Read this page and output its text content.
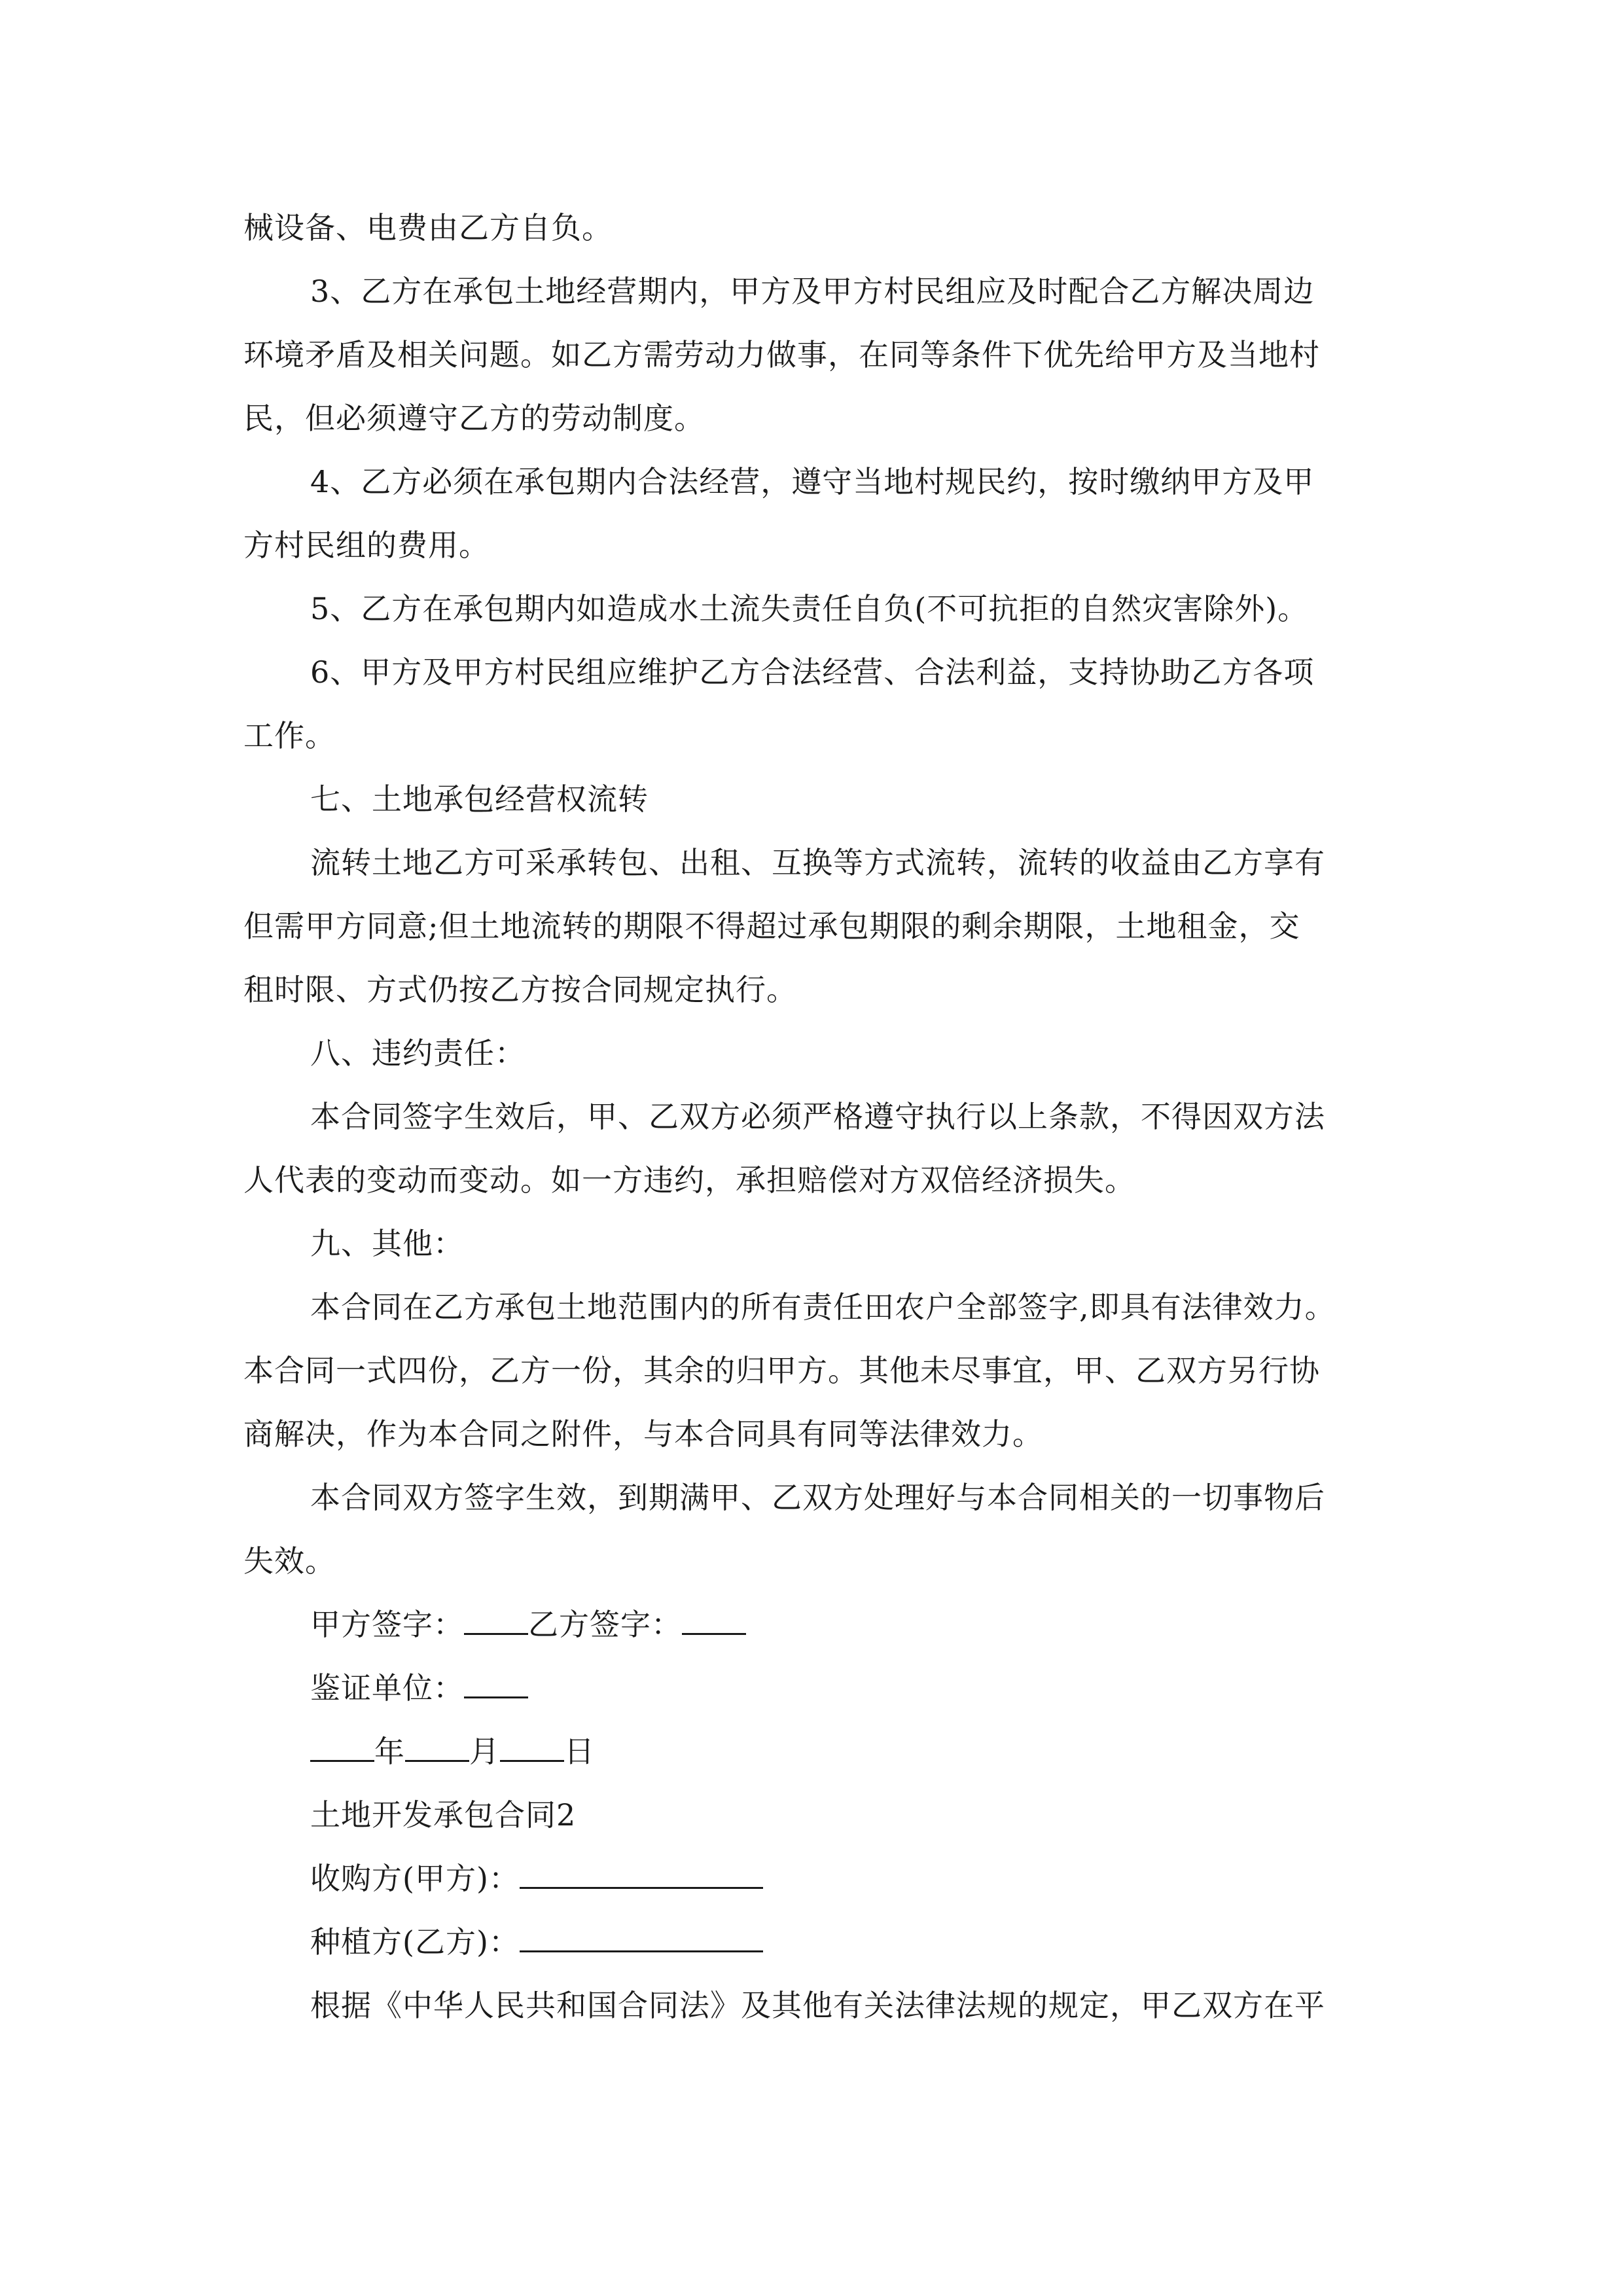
械设备、电费由乙方自负。
3、乙方在承包土地经营期内，甲方及甲方村民组应及时配合乙方解决周边
环境矛盾及相关问题。如乙方需劳动力做事，在同等条件下优先给甲方及当地村
民，但必须遵守乙方的劳动制度。
4、乙方必须在承包期内合法经营，遵守当地村规民约，按时缴纳甲方及甲
方村民组的费用。
5、乙方在承包期内如造成水土流失责任自负(不可抗拒的自然灾害除外)。
6、甲方及甲方村民组应维护乙方合法经营、合法利益，支持协助乙方各项
工作。
七、土地承包经营权流转
流转土地乙方可采承转包、出租、互换等方式流转，流转的收益由乙方享有
但需甲方同意;但土地流转的期限不得超过承包期限的剩余期限，土地租金，交
租时限、方式仍按乙方按合同规定执行。
八、违约责任：
本合同签字生效后，甲、乙双方必须严格遵守执行以上条款，不得因双方法
人代表的变动而变动。如一方违约，承担赔偿对方双倍经济损失。
九、其他：
本合同在乙方承包土地范围内的所有责任田农户全部签字,即具有法律效力。
本合同一式四份，乙方一份，其余的归甲方。其他未尽事宜，甲、乙双方另行协
商解决，作为本合同之附件，与本合同具有同等法律效力。
本合同双方签字生效，到期满甲、乙双方处理好与本合同相关的一切事物后
失效。
甲方签字： 乙方签字：
鉴证单位：
年 月 日
土地开发承包合同2
收购方(甲方)：
种植方(乙方)：
根据《中华人民共和国合同法》及其他有关法律法规的规定，甲乙双方在平
